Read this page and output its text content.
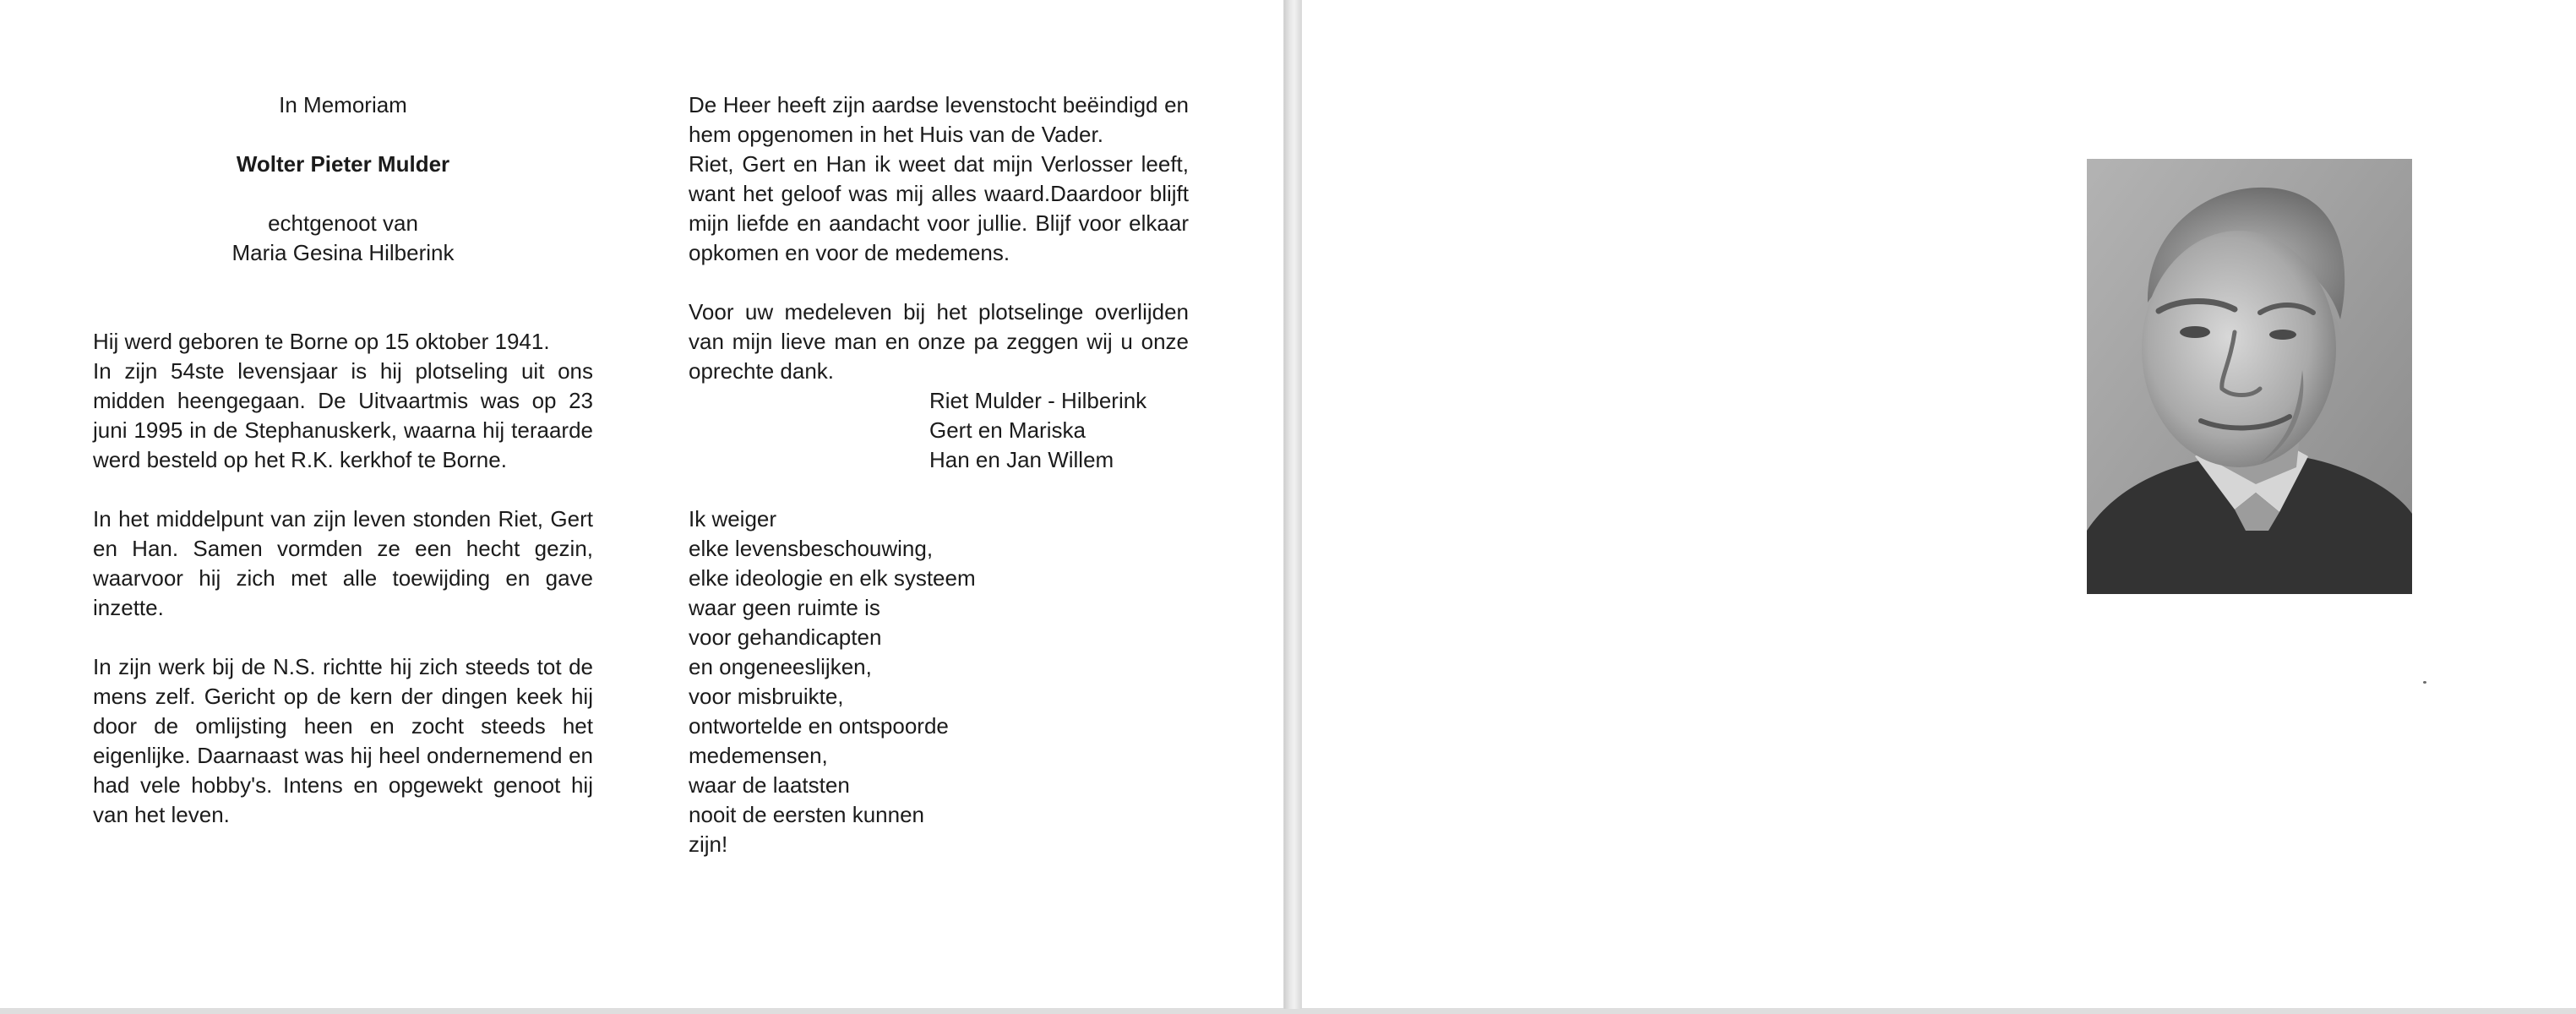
In Memoriam
Wolter Pieter Mulder
echtgenoot van
Maria Gesina Hilberink
Hij werd geboren te Borne op 15 oktober 1941.
In zijn 54ste levensjaar is hij plotseling uit ons midden heengegaan. De Uitvaartmis was op 23 juni 1995 in de Stephanuskerk, waarna hij teraarde werd besteld op het R.K. kerkhof te Borne.
In het middelpunt van zijn leven stonden Riet, Gert en Han. Samen vormden ze een hecht gezin, waarvoor hij zich met alle toewijding en gave inzette.
In zijn werk bij de N.S. richtte hij zich steeds tot de mens zelf. Gericht op de kern der dingen keek hij door de omlijsting heen en zocht steeds het eigenlijke. Daarnaast was hij heel ondernemend en had vele hobby's. Intens en opgewekt genoot hij van het leven.
De Heer heeft zijn aardse levenstocht beëindigd en hem opgenomen in het Huis van de Vader.
Riet, Gert en Han ik weet dat mijn Verlosser leeft, want het geloof was mij alles waard.Daardoor blijft mijn liefde en aandacht voor jullie. Blijf voor elkaar opkomen en voor de medemens.
Voor uw medeleven bij het plotselinge overlijden van mijn lieve man en onze pa zeggen wij u onze oprechte dank.
Riet Mulder - Hilberink
Gert en Mariska
Han en Jan Willem
Ik weiger
elke levensbeschouwing,
elke ideologie en elk systeem
waar geen ruimte is
voor gehandicapten
en ongeneeslijken,
voor misbruikte,
ontwortelde en ontspoorde
medemensen,
waar de laatsten
nooit de eersten kunnen
zijn!
